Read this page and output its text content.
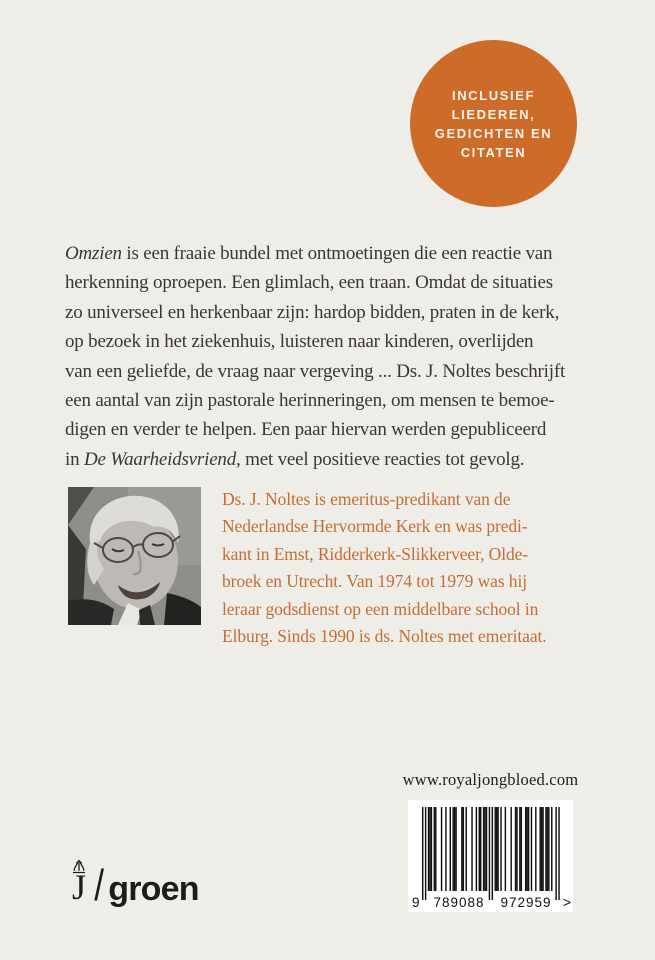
INCLUSIEF
LIEDEREN,
GEDICHTEN EN
CITATEN
Omzien is een fraaie bundel met ontmoetingen die een reactie van
herkenning oproepen. Een glimlach, een traan. Omdat de situaties
zo universeel en herkenbaar zijn: hardop bidden, praten in de kerk,
op bezoek in het ziekenhuis, luisteren naar kinderen, overlijden
van een geliefde, de vraag naar vergeving ... Ds. J. Noltes beschrijft
een aantal van zijn pastorale herinneringen, om mensen te bemoe-
digen en verder te helpen. Een paar hiervan werden gepubliceerd
in De Waarheidsvriend, met veel positieve reacties tot gevolg.
Ds. J. Noltes is emeritus-predikant van de
Nederlandse Hervormde Kerk en was predi-
kant in Emst, Ridderkerk-Slikkerveer, Olde-
broek en Utrecht. Van 1974 tot 1979 was hij
leraar godsdienst op een middelbare school in
Elburg. Sinds 1990 is ds. Noltes met emeritaat.
www.royaljongbloed.com
9	789088	972959 >
J / groen
